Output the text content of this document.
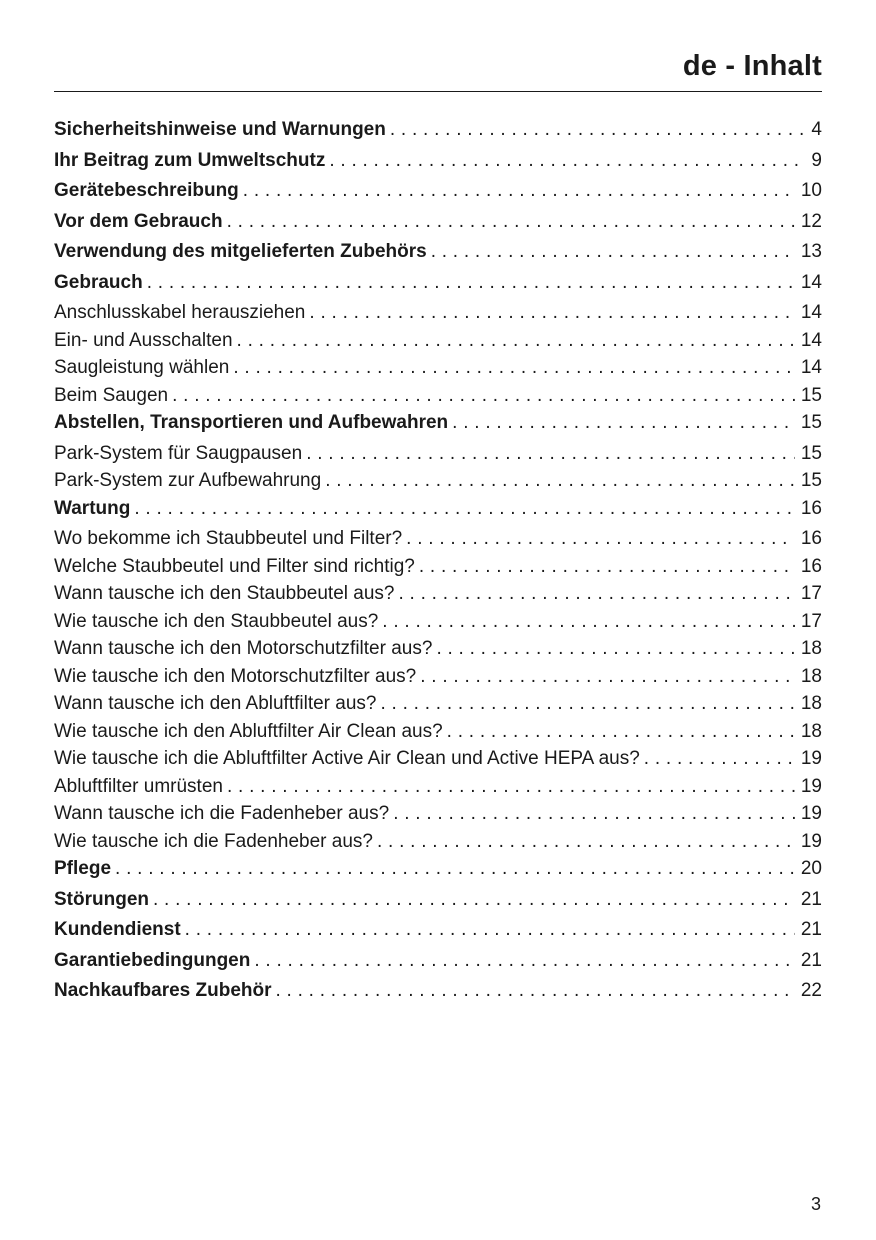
de - Inhalt
Sicherheitshinweise und Warnungen . . .	4
Ihr Beitrag zum Umweltschutz . . .	9
Gerätebeschreibung . . .	10
Vor dem Gebrauch . . .	12
Verwendung des mitgelieferten Zubehörs . . .	13
Gebrauch . . .	14
Anschlusskabel herausziehen . . .	14
Ein- und Ausschalten . . .	14
Saugleistung wählen . . .	14
Beim Saugen . . .	15
Abstellen, Transportieren und Aufbewahren . . .	15
Park-System für Saugpausen . . .	15
Park-System zur Aufbewahrung . . .	15
Wartung . . .	16
Wo bekomme ich Staubbeutel und Filter? . . .	16
Welche Staubbeutel und Filter sind richtig? . . .	16
Wann tausche ich den Staubbeutel aus? . . .	17
Wie tausche ich den Staubbeutel aus? . . .	17
Wann tausche ich den Motorschutzfilter aus? . . .	18
Wie tausche ich den Motorschutzfilter aus? . . .	18
Wann tausche ich den Abluftfilter aus? . . .	18
Wie tausche ich den Abluftfilter Air Clean aus? . . .	18
Wie tausche ich die Abluftfilter Active Air Clean und Active HEPA aus? . . .	19
Abluftfilter umrüsten . . .	19
Wann tausche ich die Fadenheber aus? . . .	19
Wie tausche ich die Fadenheber aus? . . .	19
Pflege . . .	20
Störungen . . .	21
Kundendienst . . .	21
Garantiebedingungen . . .	21
Nachkaufbares Zubehör . . .	22
3
